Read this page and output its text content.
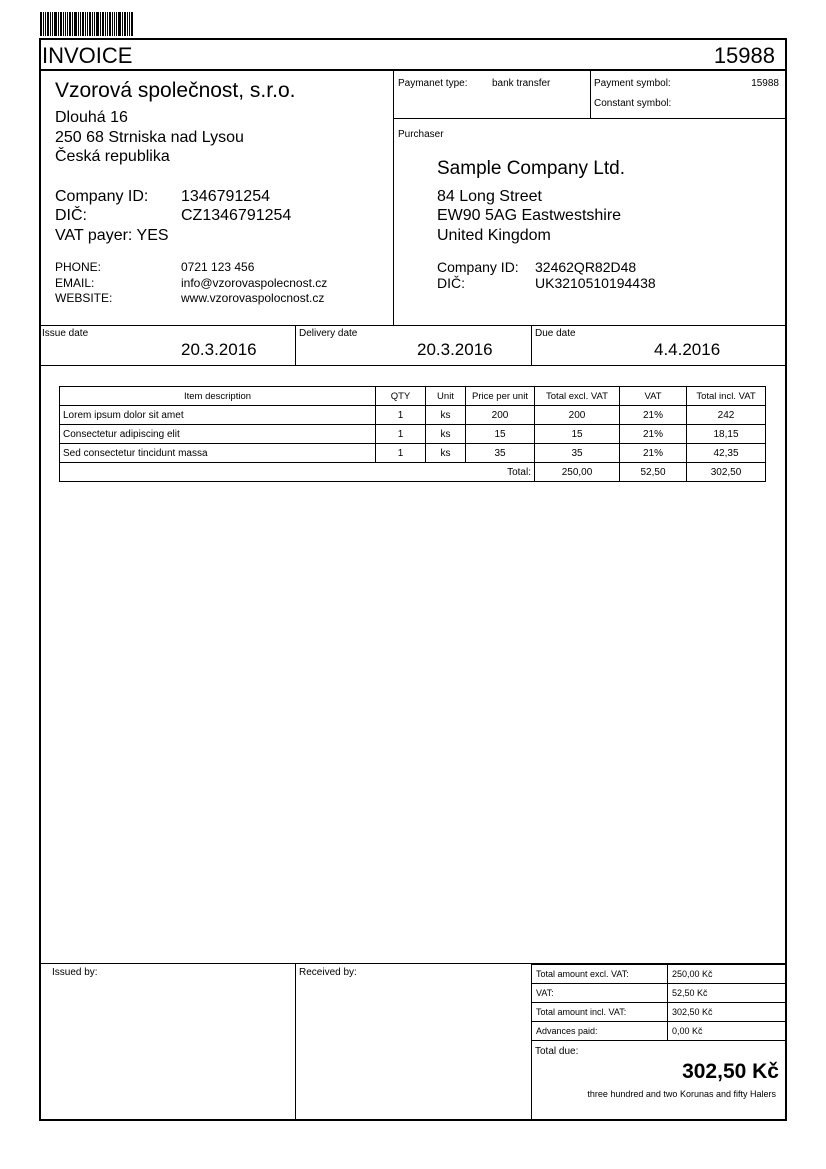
INVOICE	15988
Vzorová společnost, s.r.o.
Dlouhá 16
250 68 Strniska nad Lysou
Česká republika
Company ID: 1346791254
DIČ:	CZ1346791254
VAT payer: YES
PHONE:	0721 123 456
EMAIL:	info@vzorovaspolecnost.cz
WEBSITE:	www.vzorovaspolocnost.cz
Paymanet type: bank transfer	Payment symbol:	15988
Constant symbol:
Purchaser
Sample Company Ltd.
84 Long Street
EW90 5AG Eastwestshire
United Kingdom
Company ID: 32462QR82D48
DIČ:	UK3210510194438
Issue date
20.3.2016
Delivery date
20.3.2016
Due date
4.4.2016
Item description	QTY	Unit	Price per unit	Total excl. VAT	VAT	Total incl. VAT
Lorem ipsum dolor sit amet	1	ks	200	200	21%	242
Consectetur adipiscing elit	1	ks	15	15	21%	18,15
Sed consectetur tincidunt massa	1	ks	35	35	21%	42,35
Total:				250,00	52,50	302,50
Issued by:	Received by:	Total amount excl. VAT:	250,00 Kč
VAT:	52,50 Kč
Total amount incl. VAT:	302,50 Kč
Advances paid:	0,00 Kč
Total due:
302,50 Kč
three hundred and two Korunas and fifty Halers
